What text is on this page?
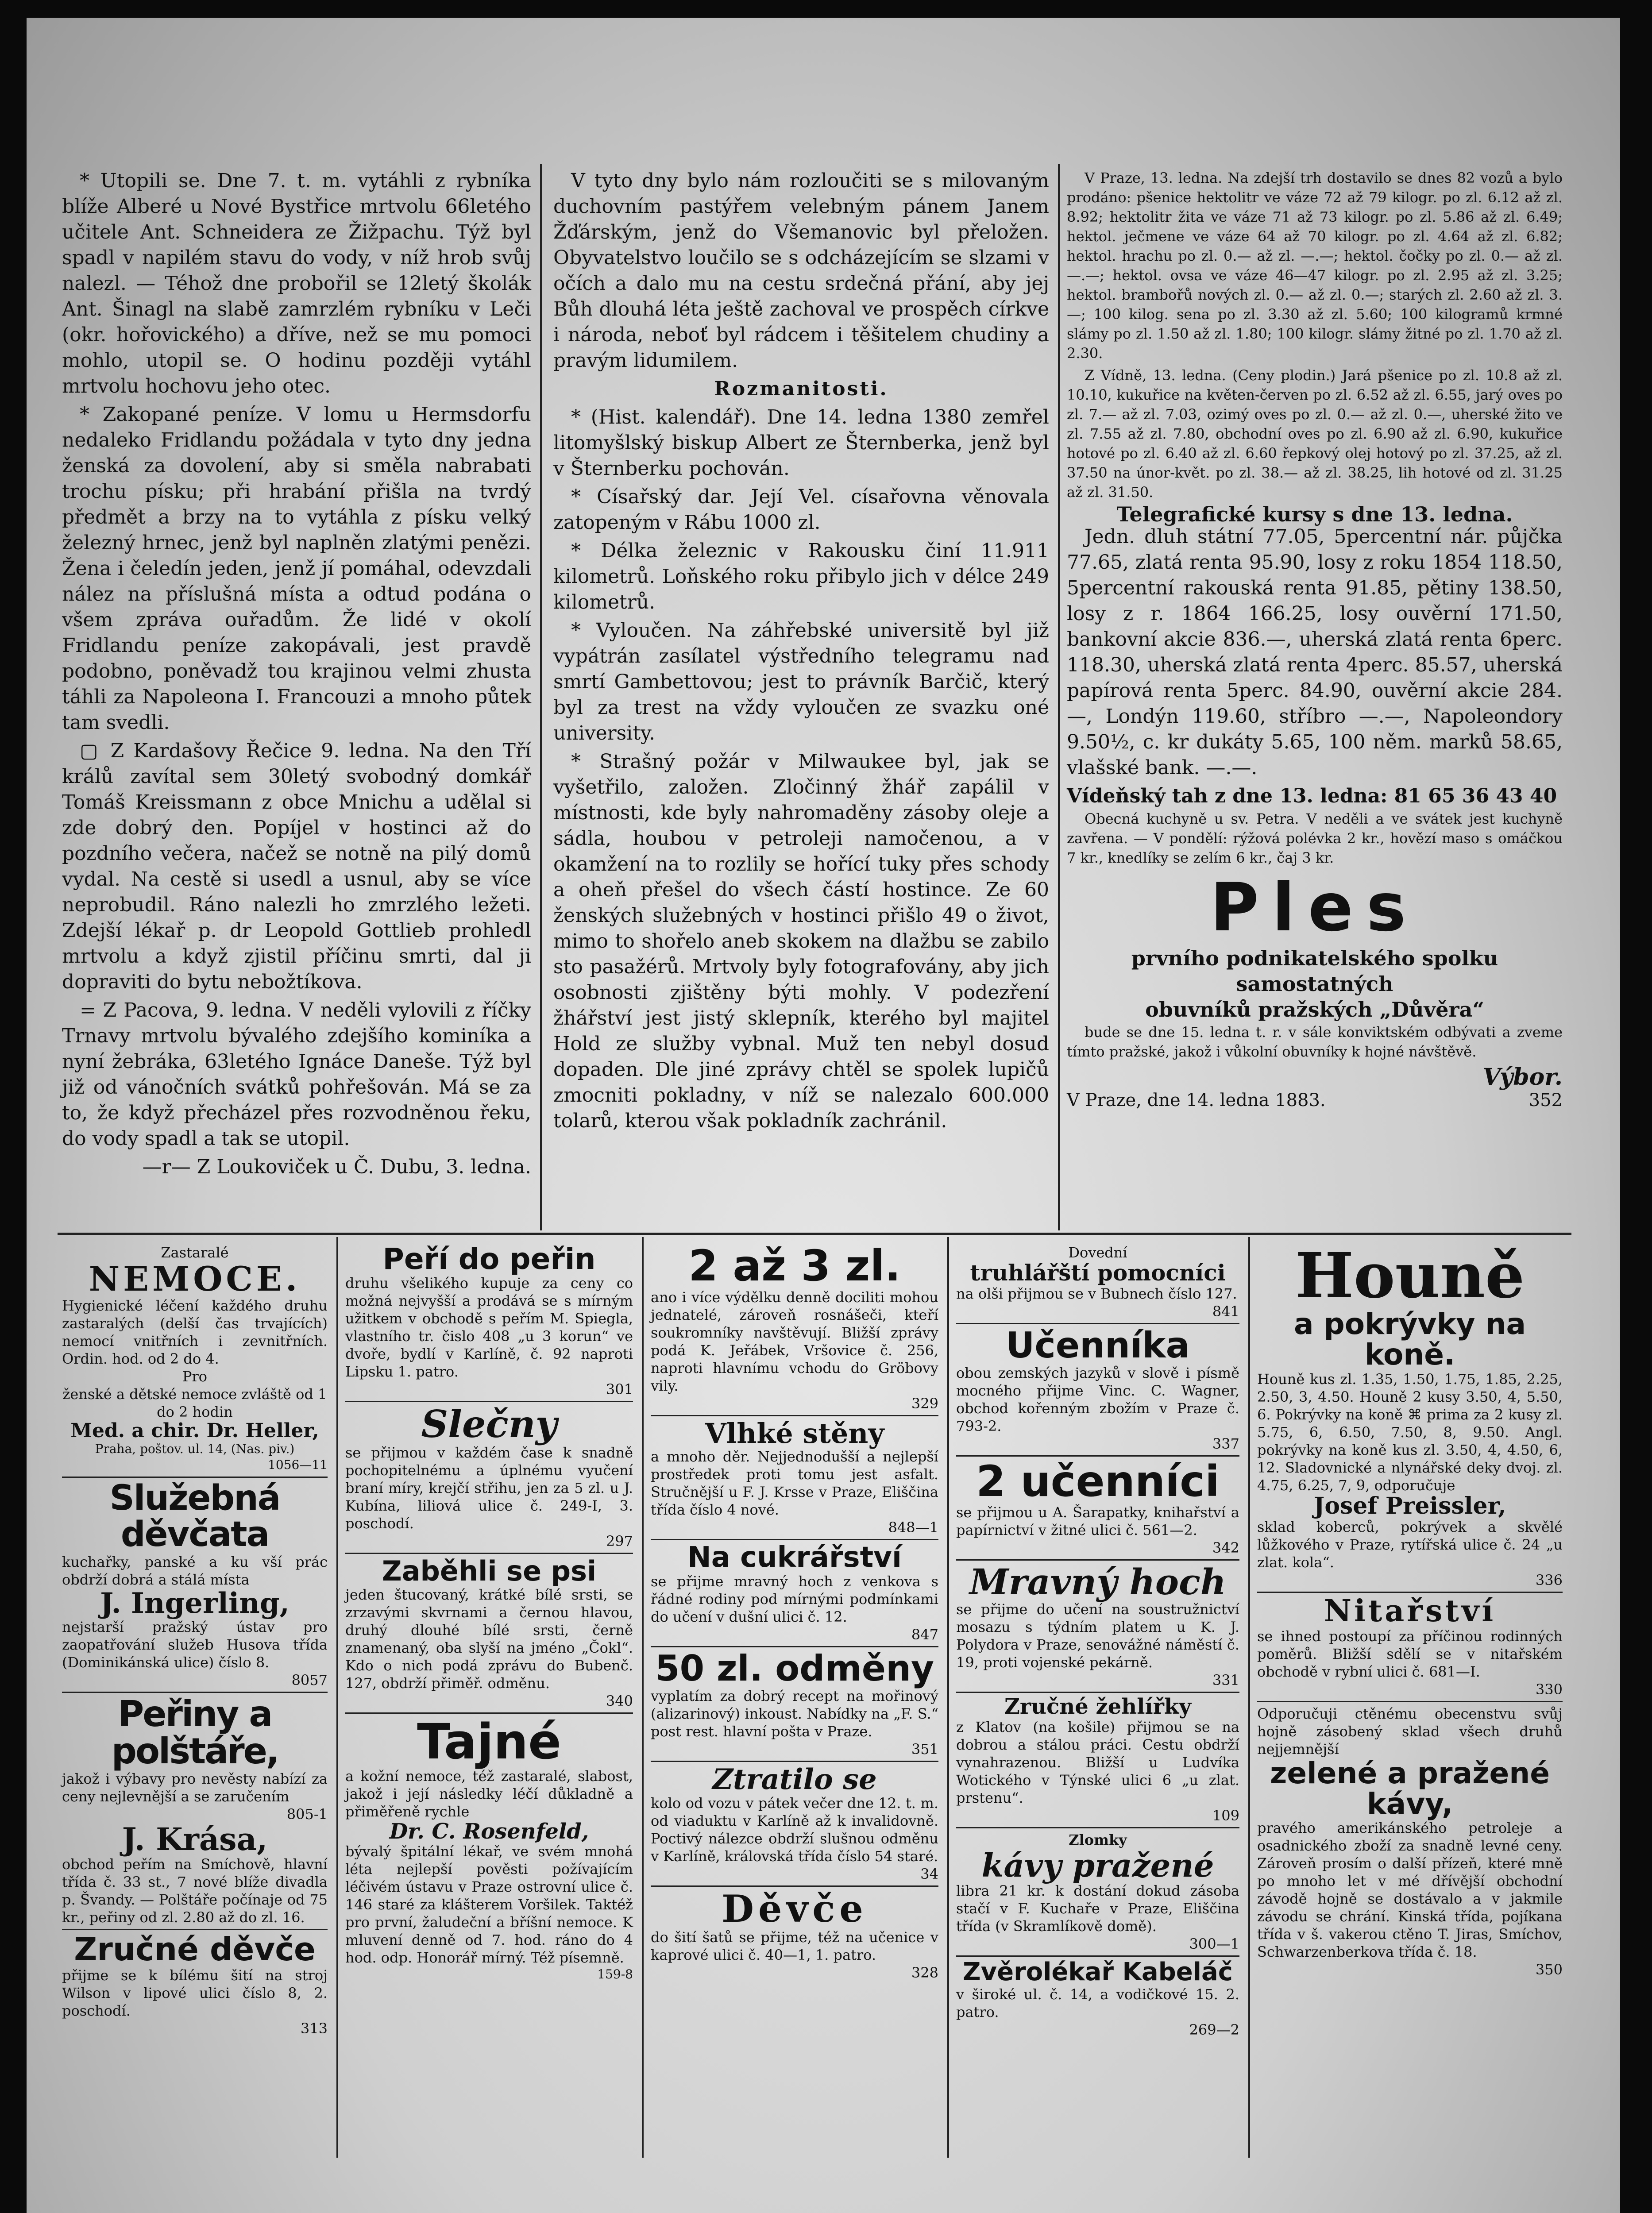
* Utopili se. Dne 7. t. m. vytáhli z rybníka blíže Alberé u Nové Bystřice mrtvolu 66letého učitele Ant. Schneidera ze Žižpachu. Týž byl spadl v napilém stavu do vody, v níž hrob svůj nalezl. — Téhož dne probořil se 12letý školák Ant. Šinagl na slabě zamrzlém rybníku v Leči (okr. hořovického) a dříve, než se mu pomoci mohlo, utopil se. O hodinu později vytáhl mrtvolu hochovu jeho otec.

* Zakopané peníze. V lomu u Hermsdorfu nedaleko Fridlandu požádala v tyto dny jedna ženská za dovolení, aby si směla nabrabati trochu písku; při hrabání přišla na tvrdý předmět a brzy na to vytáhla z písku velký železný hrnec, jenž byl naplněn zlatými penězi. Žena i čeledín jeden, jenž jí pomáhal, odevzdali nález na příslušná místa a odtud podána o všem zpráva ouřadům. Že lidé v okolí Fridlandu peníze zakopávali, jest pravdě podobno, poněvadž tou krajinou velmi zhusta táhli za Napoleona I. Francouzi a mnoho půtek tam svedli.

▢ Z Kardašovy Řečice 9. ledna. Na den Tří králů zavítal sem 30letý svobodný domkář Tomáš Kreissmann z obce Mnichu a udělal si zde dobrý den. Popíjel v hostinci až do pozdního večera, načež se notně na pilý domů vydal. Na cestě si usedl a usnul, aby se více neprobudil. Ráno nalezli ho zmrzlého ležeti. Zdejší lékař p. dr Leopold Gottlieb prohledl mrtvolu a když zjistil příčinu smrti, dal ji dopraviti do bytu nebožtíkova.

= Z Pacova, 9. ledna. V neděli vylovili z říčky Trnavy mrtvolu bývalého zdejšího kominíka a nyní žebráka, 63letého Ignáce Daneše. Týž byl již od vánočních svátků pohřešován. Má se za to, že když přecházel přes rozvodněnou řeku, do vody spadl a tak se utopil.

—r— Z Loukoviček u Č. Dubu, 3. ledna.

V tyto dny bylo nám rozloučiti se s milovaným duchovním pastýřem velebným pánem Janem Žďárským, jenž do Všemanovic byl přeložen. Obyvatelstvo loučilo se s odcházejícím se slzami v očích a dalo mu na cestu srdečná přání, aby jej Bůh dlouhá léta ještě zachoval ve prospěch církve i národa, neboť byl rádcem i těšitelem chudiny a pravým lidumilem.

Rozmanitosti.

* (Hist. kalendář). Dne 14. ledna 1380 zemřel litomyšlský biskup Albert ze Šternberka, jenž byl v Šternberku pochován.

* Císařský dar. Její Vel. císařovna věnovala zatopeným v Rábu 1000 zl.

* Délka železnic v Rakousku činí 11.911 kilometrů. Loňského roku přibylo jich v délce 249 kilometrů.

* Vyloučen. Na záhřebské universitě byl již vypátrán zasílatel výstředního telegramu nad smrtí Gambettovou; jest to právník Barčič, který byl za trest na vždy vyloučen ze svazku oné university.

* Strašný požár v Milwaukee byl, jak se vyšetřilo, založen. Zločinný žhář zapálil v místnosti, kde byly nahromaděny zásoby oleje a sádla, houbou v petroleji namočenou, a v okamžení na to rozlily se hořící tuky přes schody a oheň přešel do všech částí hostince. Ze 60 ženských služebných v hostinci přišlo 49 o život, mimo to shořelo aneb skokem na dlažbu se zabilo sto pasažérů. Mrtvoly byly fotografovány, aby jich osobnosti zjištěny býti mohly. V podezření žhářství jest jistý sklepník, kterého byl majitel Hold ze služby vybnal. Muž ten nebyl dosud dopaden. Dle jiné zprávy chtěl se spolek lupičů zmocniti pokladny, v níž se nalezalo 600.000 tolarů, kterou však pokladník zachránil.

V Praze, 13. ledna. Na zdejší trh dostavilo se dnes 82 vozů a bylo prodáno: pšenice hektolitr ve váze 72 až 79 kilogr. po zl. 6.12 až zl. 8.92; hektolitr žita ve váze 71 až 73 kilogr. po zl. 5.86 až zl. 6.49; hektol. ječmene ve váze 64 až 70 kilogr. po zl. 4.64 až zl. 6.82; hektol. hrachu po zl. 0.— až zl. —.—; hektol. čočky po zl. 0.— až zl. —.—; hektol. ovsa ve váze 46—47 kilogr. po zl. 2.95 až zl. 3.25; hektol. brambořů nových zl. 0.— až zl. 0.—; starých zl. 2.60 až zl. 3.—; 100 kilog. sena po zl. 3.30 až zl. 5.60; 100 kilogramů krmné slámy po zl. 1.50 až zl. 1.80; 100 kilogr. slámy žitné po zl. 1.70 až zl. 2.30.

Z Vídně, 13. ledna. (Ceny plodin.) Jará pšenice po zl. 10.8 až zl. 10.10, kukuřice na květen-červen po zl. 6.52 až zl. 6.55, jarý oves po zl. 7.— až zl. 7.03, ozimý oves po zl. 0.— až zl. 0.—, uherské žito ve zl. 7.55 až zl. 7.80, obchodní oves po zl. 6.90 až zl. 6.90, kukuřice hotové po zl. 6.40 až zl. 6.60 řepkový olej hotový po zl. 37.25, až zl. 37.50 na únor-květ. po zl. 38.— až zl. 38.25, lih hotové od zl. 31.25 až zl. 31.50.

Telegrafické kursy s dne 13. ledna.

Jedn. dluh státní 77.05, 5percentní nár. půjčka 77.65, zlatá renta 95.90, losy z roku 1854 118.50, 5percentní rakouská renta 91.85, pětiny 138.50, losy z r. 1864 166.25, losy ouvěrní 171.50, bankovní akcie 836.—, uherská zlatá renta 6perc. 118.30, uherská zlatá renta 4perc. 85.57, uherská papírová renta 5perc. 84.90, ouvěrní akcie 284.—, Londýn 119.60, stříbro —.—, Napoleondory 9.50½, c. kr dukáty 5.65, 100 něm. marků 58.65, vlašské bank. —.—.

Vídeňský tah z dne 13. ledna: 81 65 36 43 40

Obecná kuchyně u sv. Petra. V neděli a ve svátek jest kuchyně zavřena. — V pondělí: rýžová polévka 2 kr., hovězí maso s omáčkou 7 kr., knedlíky se zelím 6 kr., čaj 3 kr.

Ples
prvního podnikatelského spolku samostatných
obuvníků pražských „Důvěra“

bude se dne 15. ledna t. r. v sále konviktském odbývati a zveme tímto pražské, jakož i vůkolní obuvníky k hojné návštěvě.

Výbor.
V Praze, dne 14. ledna 1883.	352

Zastaralé

NEMOCE.

Hygienické léčení každého druhu zastaralých (delší čas trvajících) nemocí vnitřních i zevnitřních. Ordin. hod. od 2 do 4.

Pro

ženské a dětské nemoce zvláště od 1 do 2 hodin

Med. a chir. Dr. Heller,

Praha, poštov. ul. 14, (Nas. piv.)

1056—11

Služebná děvčata

kuchařky, panské a ku vší prác obdrží dobrá a stálá místa

J. Ingerling,

nejstarší pražský ústav pro zaopatřování služeb Husova třída (Dominikánská ulice) číslo 8.

8057

Peřiny a polštáře,

jakož i výbavy pro nevěsty nabízí za ceny nejlevnější a se zaručením

805-1

J. Krása,

obchod peřím na Smíchově, hlavní třída č. 33 st., 7 nové blíže divadla p. Švandy. — Polštáře počínaje od 75 kr., peřiny od zl. 2.80 až do zl. 16.

Zručné děvče

přijme se k bílému šití na stroj Wilson v lipové ulici číslo 8, 2. poschodí.

313

Peří do peřin

druhu všelikého kupuje za ceny co možná nejvyšší a prodává se s mírným užitkem v obchodě s peřím M. Spiegla, vlastního tr. čislo 408 „u 3 korun“ ve dvoře, bydlí v Karlíně, č. 92 naproti Lipsku 1. patro.

301

Slečny

se přijmou v každém čase k snadně pochopitelnému a úplnému vyučení braní míry, krejčí střihu, jen za 5 zl. u J. Kubína, liliová ulice č. 249-I, 3. poschodí.

297

Zaběhli se psi

jeden štucovaný, krátké bílé srsti, se zrzavými skvrnami a černou hlavou, druhý dlouhé bílé srsti, černě znamenaný, oba slyší na jméno „Čokl“. Kdo o nich podá zprávu do Bubenč. 127, obdrží přiměř. odměnu.

340

Tajné

a kožní nemoce, též zastaralé, slabost, jakož i její následky léčí důkladně a přiměřeně rychle

Dr. C. Rosenfeld,

bývalý špitální lékař, ve svém mnohá léta nejlepší pověsti požívajícím léčivém ústavu v Praze ostrovní ulice č. 146 staré za klášterem Voršilek. Taktéž pro první, žaludeční a bříšní nemoce. K mluvení denně od 7. hod. ráno do 4 hod. odp. Honorář mírný. Též písemně.

159-8

2 až 3 zl.

ano i více výdělku denně dociliti mohou jednatelé, zároveň rosnášeči, kteří soukromníky navštěvují. Bližší zprávy podá K. Jeřábek, Vršovice č. 256, naproti hlavnímu vchodu do Gröbovy vily.

329

Vlhké stěny

a mnoho děr. Nejjednodušší a nejlepší prostředek proti tomu jest asfalt. Stručnější u F. J. Krsse v Praze, Eliščina třída číslo 4 nové.

848—1

Na cukrářství

se přijme mravný hoch z venkova s řádné rodiny pod mírnými podmínkami do učení v dušní ulici č. 12.

847

50 zl. odměny

vyplatím za dobrý recept na mořinový (alizarinový) inkoust. Nabídky na „F. S.“ post rest. hlavní pošta v Praze.

351

Ztratilo se

kolo od vozu v pátek večer dne 12. t. m. od viaduktu v Karlíně až k invalidovně. Poctivý nálezce obdrží slušnou odměnu v Karlíně, královská třída číslo 54 staré.

34

Děvče

do šití šatů se přijme, též na učenice v kaprové ulici č. 40—1, 1. patro.

328

Dovední

truhlářští pomocníci

na olši přijmou se v Bubnech číslo 127.

841

Učenníka

obou zemských jazyků v slově i písmě mocného přijme Vinc. C. Wagner, obchod kořenným zbožím v Praze č. 793-2.

337

2 učenníci

se přijmou u A. Šarapatky, knihařství a papírnictví v žitné ulici č. 561—2.

342

Mravný hoch

se přijme do učení na soustružnictví mosazu s týdním platem u K. J. Polydora v Praze, senovážné náměstí č. 19, proti vojenské pekárně.

331

Zručné žehlířky

z Klatov (na košile) přijmou se na dobrou a stálou práci. Cestu obdrží vynahrazenou. Bližší u Ludvíka Wotického v Týnské ulici 6 „u zlat. prstenu“.

109

Zlomky

kávy pražené

libra 21 kr. k dostání dokud zásoba stačí v F. Kuchaře v Praze, Eliščina třída (v Skramlíkově domě).

300—1

Zvěrolékař Kabeláč

v široké ul. č. 14, a vodičkové 15. 2. patro.

269—2

Houně

a pokrývky na koně.

Houně kus zl. 1.35, 1.50, 1.75, 1.85, 2.25, 2.50, 3, 4.50. Houně 2 kusy 3.50, 4, 5.50, 6. Pokrývky na koně ⌘ prima za 2 kusy zl. 5.75, 6, 6.50, 7.50, 8, 9.50. Angl. pokrývky na koně kus zl. 3.50, 4, 4.50, 6, 12. Sladovnické a nlynářské deky dvoj. zl. 4.75, 6.25, 7, 9, odporučuje

Josef Preissler,

sklad koberců, pokrývek a skvělé lůžkového v Praze, rytířská ulice č. 24 „u zlat. kola“.

336

Nitařství

se ihned postoupí za příčinou rodinných poměrů. Bližší sdělí se v nitařském obchodě v rybní ulici č. 681—I.

330

Odporučuji ctěnému obecenstvu svůj hojně zásobený sklad všech druhů nejjemnější

zelené a pražené kávy,

pravého amerikánského petroleje a osadnického zboží za snadně levné ceny. Zároveň prosím o další přízeň, které mně po mnoho let v mé dřívější obchodní závodě hojně se dostávalo a v jakmile závodu se chrání. Kinská třída, pojíkana třída v š. vakerou ctěno T. Jiras, Smíchov, Schwarzenberkova třída č. 18.

350
